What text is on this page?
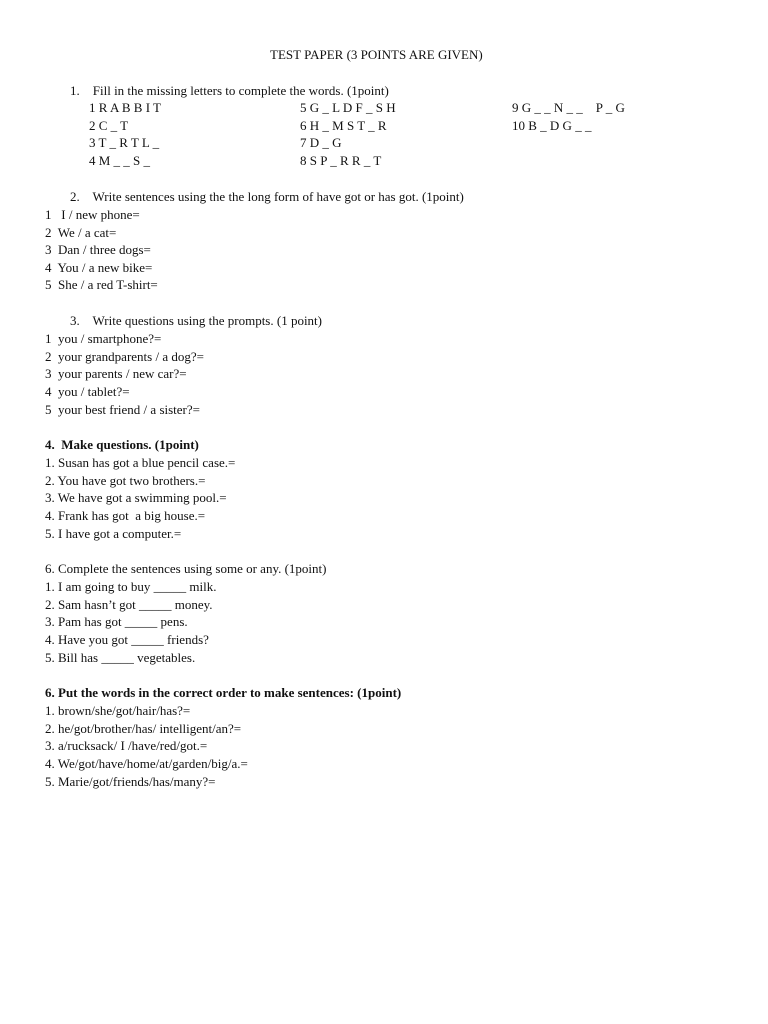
TEST PAPER (3 POINTS ARE GIVEN)
1.    Fill in the missing letters to complete the words. (1point)
1 R A B B I T
2 C _ T
3 T _ R T L _
4 M _ _ S _
5 G _ L D F _ S H
6 H _ M S T _ R
7 D _ G
8 S P _ R R _ T
9 G _ _ N _ _    P _ G
10 B _ D G _ _
2.    Write sentences using the the long form of have got or has got. (1point)
1   I / new phone=
2  We / a cat=
3  Dan / three dogs=
4  You / a new bike=
5  She / a red T-shirt=
3.    Write questions using the prompts. (1 point)
1  you / smartphone?=
2  your grandparents / a dog?=
3  your parents / new car?=
4  you / tablet?=
5  your best friend / a sister?=
4.  Make questions. (1point)
1. Susan has got a blue pencil case.=
2. You have got two brothers.=
3. We have got a swimming pool.=
4. Frank has got  a big house.=
5. I have got a computer.=
6. Complete the sentences using some or any. (1point)
1. I am going to buy _____ milk.
2. Sam hasn’t got _____ money.
3. Pam has got _____ pens.
4. Have you got _____ friends?
5. Bill has _____ vegetables.
6. Put the words in the correct order to make sentences: (1point)
1. brown/she/got/hair/has?=
2. he/got/brother/has/ intelligent/an?=
3. a/rucksack/ I /have/red/got.=
4. We/got/have/home/at/garden/big/a.=
5. Marie/got/friends/has/many?=
